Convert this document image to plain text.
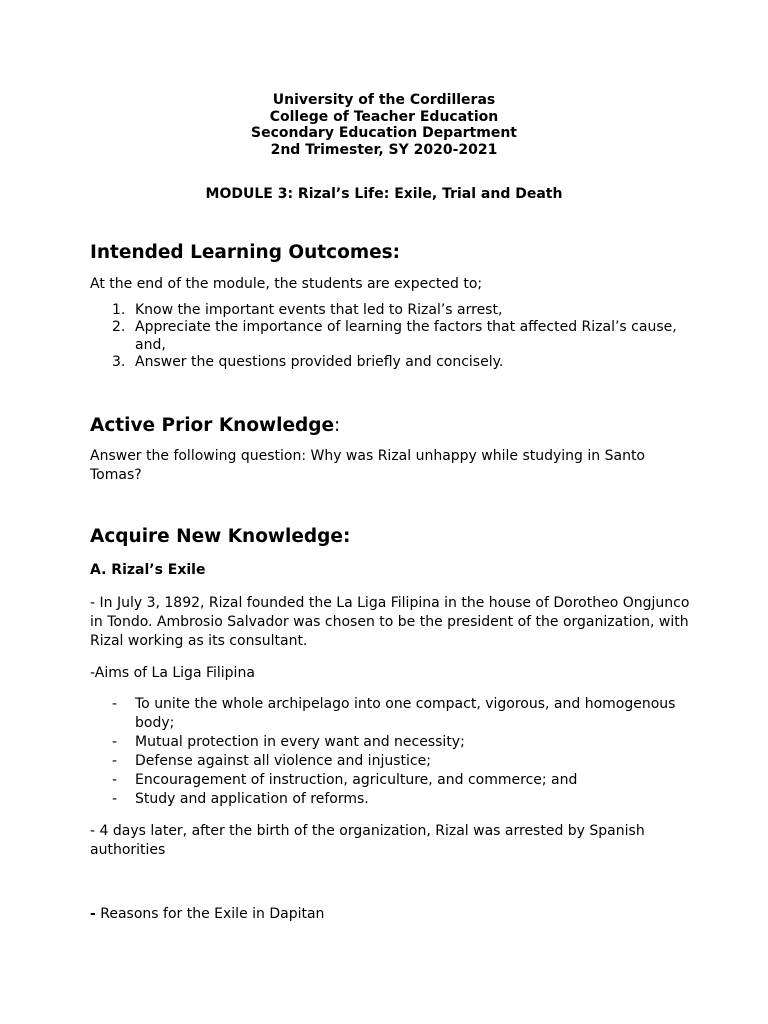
University of the Cordilleras
College of Teacher Education
Secondary Education Department
2nd Trimester, SY 2020-2021
MODULE 3: Rizal’s Life: Exile, Trial and Death
Intended Learning Outcomes:
At the end of the module, the students are expected to;
1. Know the important events that led to Rizal’s arrest,
2. Appreciate the importance of learning the factors that affected Rizal’s cause, and,
3. Answer the questions provided briefly and concisely.
Active Prior Knowledge:
Answer the following question: Why was Rizal unhappy while studying in Santo Tomas?
Acquire New Knowledge:
A. Rizal’s Exile
- In July 3, 1892, Rizal founded the La Liga Filipina in the house of Dorotheo Ongjunco in Tondo. Ambrosio Salvador was chosen to be the president of the organization, with Rizal working as its consultant.
-Aims of La Liga Filipina
- To unite the whole archipelago into one compact, vigorous, and homogenous body;
- Mutual protection in every want and necessity;
- Defense against all violence and injustice;
- Encouragement of instruction, agriculture, and commerce; and
- Study and application of reforms.
- 4 days later, after the birth of the organization, Rizal was arrested by Spanish authorities
- Reasons for the Exile in Dapitan
